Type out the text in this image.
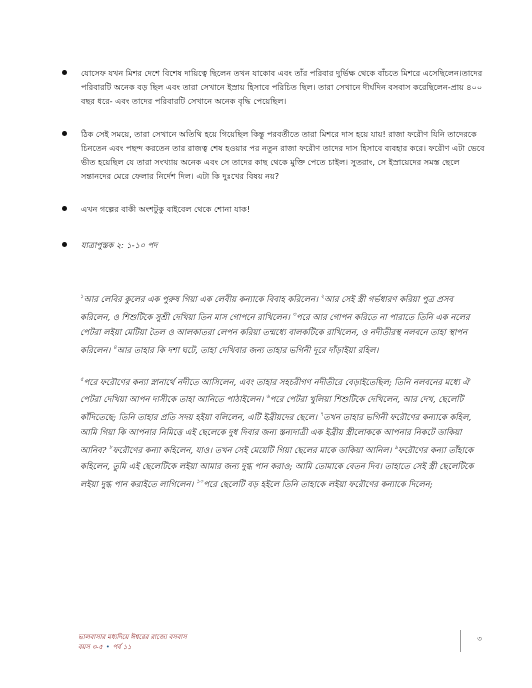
যোসেফ যখন মিশর দেশে বিশেষ দায়িত্বে ছিলেন তখন যাকোব এবং তাঁর পরিবার দুর্ভিক্ষ থেকে বাঁচতে মিশরে এসেছিলেন।তাদের পরিবারটি অনেক বড় ছিল এবং তারা সেখানে ইস্রায় হিসাবে পরিচিত ছিল। তারা সেখানে দীর্ঘদিন বসবাস করেছিলেন-প্রায় ৪০০ বছর ধরে- এবং তাদের পরিবারটি সেখানে অনেক বৃদ্ধি পেয়েছিল।
ঠিক সেই সময়ে, তারা সেখানে অতিথি হয়ে গিয়েছিল কিন্তু পরবর্তীতে তারা মিশরে দাস হয়ে যায়! রাজা ফরৌণ যিনি তাদেরকে চিনতেন এবং পছন্দ করতেন তার রাজত্ব শেষ হওয়ার পর নতুন রাজা ফরৌণ তাদের দাস হিসাবে ব্যবহার করে। ফরৌণ এটা ভেবে ভীত হয়েছিল যে তারা সংখ্যায় অনেক এবং সে তাদের কাছ থেকে মুক্তি পেতে চাইল। সুতরাং, সে ইস্রায়েদের সমস্ত ছেলে সন্তানদের মেরে ফেলার নির্দেশ দিল। এটা কি দুঃখের বিষয় নয়?
এখন গল্পের বাকী অংশটুকু বাইবেল থেকে শোনা যাক!
যাত্রাপুস্তক ২: ১-১০ পদ

$^১$আর লেবির কুলের এক পুরুষ গিয়া এক লেবীয় কন্যাকে বিবাহ করিলেন। $^২$আর সেই স্ত্রী গর্ভধারণ করিয়া পুত্র প্রসব করিলেন, ও শিশুটিকে সুশ্রী দেখিয়া তিন মাস গোপনে রাখিলেন। $^৩$পরে আর গোপন করিতে না পারাতে তিনি এক নলের পেটরা লইয়া মেটিয়া তৈল ও আলকাতরা লেপন করিয়া তন্মধ্যে বালকটিকে রাখিলেন, ও নদীতীরস্থ নলবনে তাহা স্থাপন করিলেন। $^৪$আর তাহার কি দশা ঘটে, তাহা দেখিবার জন্য তাহার ভগিনী দূরে দাঁড়াইয়া রহিল।

$^৫$পরে ফরৌণের কন্যা স্নানার্থে নদীতে আসিলেন, এবং তাহার সহচরীগণ নদীতীরে বেড়াইতেছিল; তিনি নলবনের মধ্যে ঐ পেটরা দেখিয়া আপন দাসীকে তাহা আনিতে পাঠাইলেন। $^৬$পরে পেটরা খুলিয়া শিশুটিকে দেখিলেন, আর দেখ, ছেলেটি কাঁদিতেছে; তিনি তাহার প্রতি সদয় হইয়া বলিলেন, এটি ইব্রীয়দের ছেলে। $^৭$তখন তাহার ভগিনী ফরৌণের কন্যাকে কহিল, আমি গিয়া কি আপনার নিমিত্তে এই ছেলেকে দুধ দিবার জন্য স্তন্যদাত্রী এক ইব্রীয় স্ত্রীলোককে আপনার নিকটে ডাকিয়া আনিব? $^৮$ফরৌণের কন্যা কহিলেন, যাও। তখন সেই মেয়েটি গিয়া ছেলের মাকে ডাকিয়া আনিল। $^৯$ফরৌণের কন্যা তাঁহাকে কহিলেন, তুমি এই ছেলেটিকে লইয়া আমার জন্য দুগ্ধ পান করাও; আমি তোমাকে বেতন দিব। তাহাতে সেই স্ত্রী ছেলেটিকে লইয়া দুগ্ধ পান করাইতে লাগিলেন। $^{১০}$পরে ছেলেটি বড় হইলে তিনি তাহাকে লইয়া ফরৌণের কন্যাকে দিলেন;

ভালবাসার মধ্যদিয়ে ঈশ্বরের রাজ্যে বসবাস
বয়স ৩-৫ • পর্ব ১১
৩
